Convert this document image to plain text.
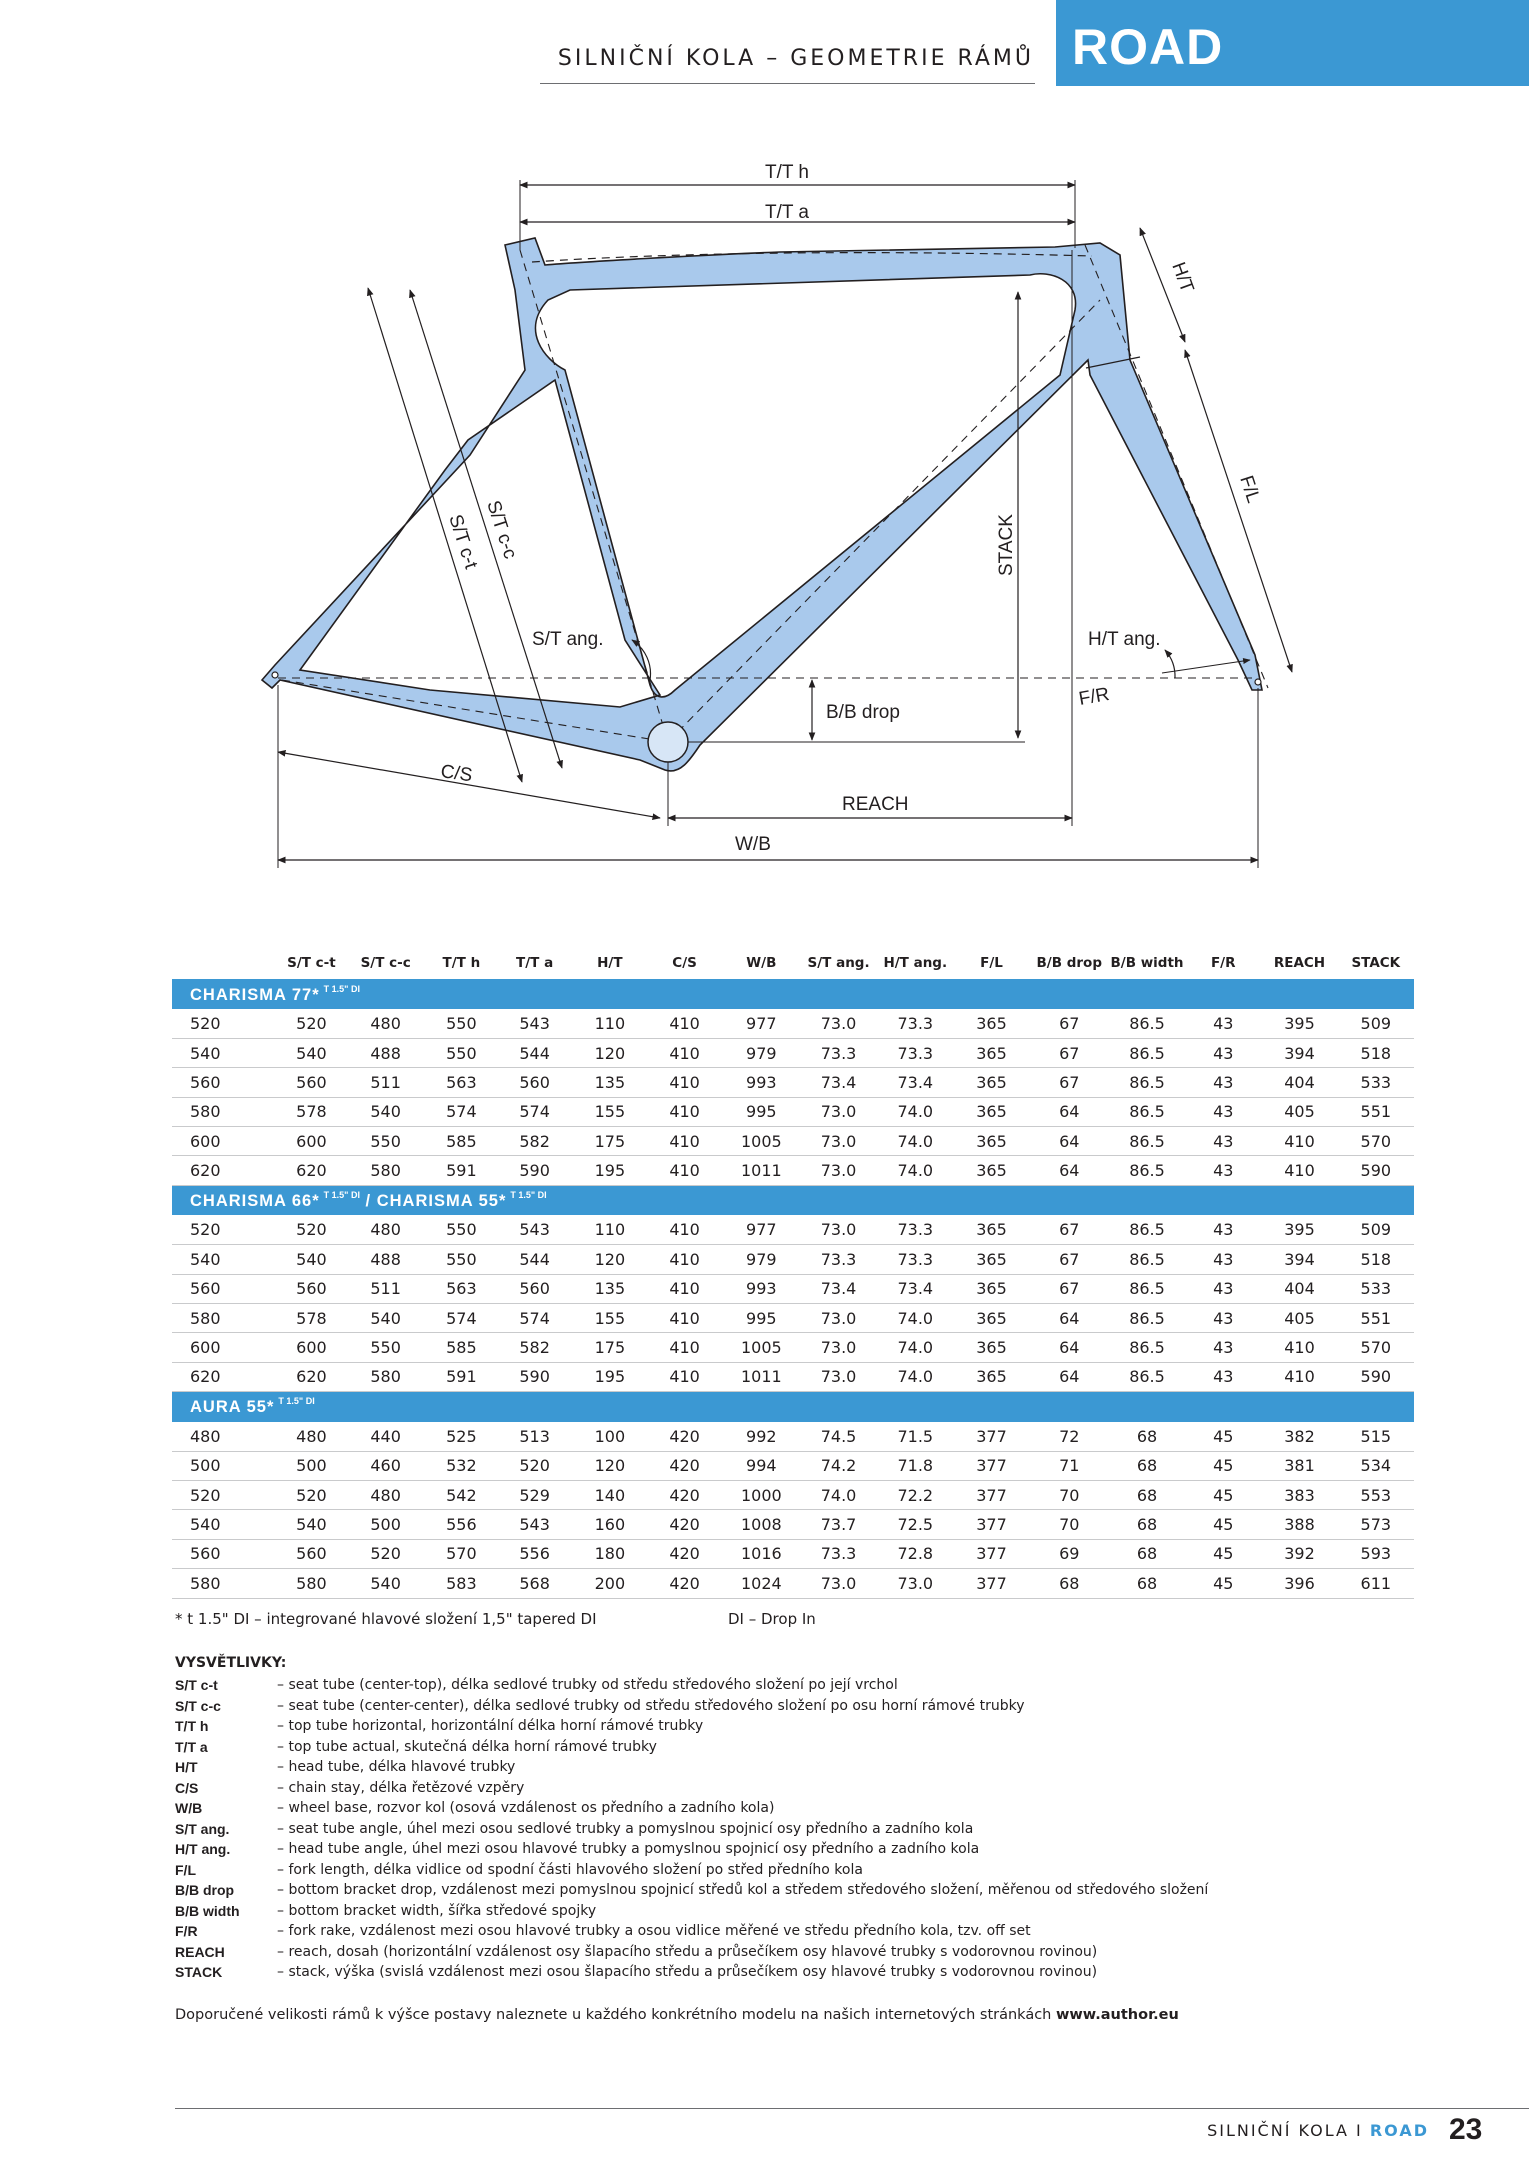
SILNIČNÍ KOLA – GEOMETRIE RÁMŮ ROAD
T/T h
T/T a
H/T
F/L
S/T c-c
S/T c-t	STACK
S/T ang.	H/T ang.
F/R
B/B drop
C/S
REACH
W/B
	S/T c-t	S/T c-c	T/T h	T/T a	H/T	C/S	W/B	S/T ang.	H/T ang.	F/L	B/B drop	B/B width	F/R	REACH	STACK
CHARISMA 77* $^{T 1.5" DI}$
520	520	480	550	543	110	410	977	73.0	73.3	365	67	86.5	43	395	509
540	540	488	550	544	120	410	979	73.3	73.3	365	67	86.5	43	394	518
560	560	511	563	560	135	410	993	73.4	73.4	365	67	86.5	43	404	533
580	578	540	574	574	155	410	995	73.0	74.0	365	64	86.5	43	405	551
600	600	550	585	582	175	410	1005	73.0	74.0	365	64	86.5	43	410	570
620	620	580	591	590	195	410	1011	73.0	74.0	365	64	86.5	43	410	590
CHARISMA 66* $^{T 1.5" DI}$ / CHARISMA 55* $^{T 1.5" DI}$
520	520	480	550	543	110	410	977	73.0	73.3	365	67	86.5	43	395	509
540	540	488	550	544	120	410	979	73.3	73.3	365	67	86.5	43	394	518
560	560	511	563	560	135	410	993	73.4	73.4	365	67	86.5	43	404	533
580	578	540	574	574	155	410	995	73.0	74.0	365	64	86.5	43	405	551
600	600	550	585	582	175	410	1005	73.0	74.0	365	64	86.5	43	410	570
620	620	580	591	590	195	410	1011	73.0	74.0	365	64	86.5	43	410	590
AURA 55* $^{T 1.5" DI}$
480	480	440	525	513	100	420	992	74.5	71.5	377	72	68	45	382	515
500	500	460	532	520	120	420	994	74.2	71.8	377	71	68	45	381	534
520	520	480	542	529	140	420	1000	74.0	72.2	377	70	68	45	383	553
540	540	500	556	543	160	420	1008	73.7	72.5	377	70	68	45	388	573
560	560	520	570	556	180	420	1016	73.3	72.8	377	69	68	45	392	593
580	580	540	583	568	200	420	1024	73.0	73.0	377	68	68	45	396	611
* t 1.5" DI – integrované hlavové složení 1,5" tapered DI	DI – Drop In
VYSVĚTLIVKY:
S/T c-t	– seat tube (center-top), délka sedlové trubky od středu středového složení po její vrchol
S/T c-c	– seat tube (center-center), délka sedlové trubky od středu středového složení po osu horní rámové trubky
T/T h	– top tube horizontal, horizontální délka horní rámové trubky
T/T a	– top tube actual, skutečná délka horní rámové trubky
H/T	– head tube, délka hlavové trubky
C/S	– chain stay, délka řetězové vzpěry
W/B	– wheel base, rozvor kol (osová vzdálenost os předního a zadního kola)
S/T ang.	– seat tube angle, úhel mezi osou sedlové trubky a pomyslnou spojnicí osy předního a zadního kola
H/T ang.	– head tube angle, úhel mezi osou hlavové trubky a pomyslnou spojnicí osy předního a zadního kola
F/L	– fork length, délka vidlice od spodní části hlavového složení po střed předního kola
B/B drop	– bottom bracket drop, vzdálenost mezi pomyslnou spojnicí středů kol a středem středového složení, měřenou od středového složení
B/B width	– bottom bracket width, šířka středové spojky
F/R	– fork rake, vzdálenost mezi osou hlavové trubky a osou vidlice měřené ve středu předního kola, tzv. off set
REACH	– reach, dosah (horizontální vzdálenost osy šlapacího středu a průsečíkem osy hlavové trubky s vodorovnou rovinou)
STACK	– stack, výška (svislá vzdálenost mezi osou šlapacího středu a průsečíkem osy hlavové trubky s vodorovnou rovinou)
Doporučené velikosti rámů k výšce postavy naleznete u každého konkrétního modelu na našich internetových stránkách www.author.eu
SILNIČNÍ KOLA I ROAD 23
